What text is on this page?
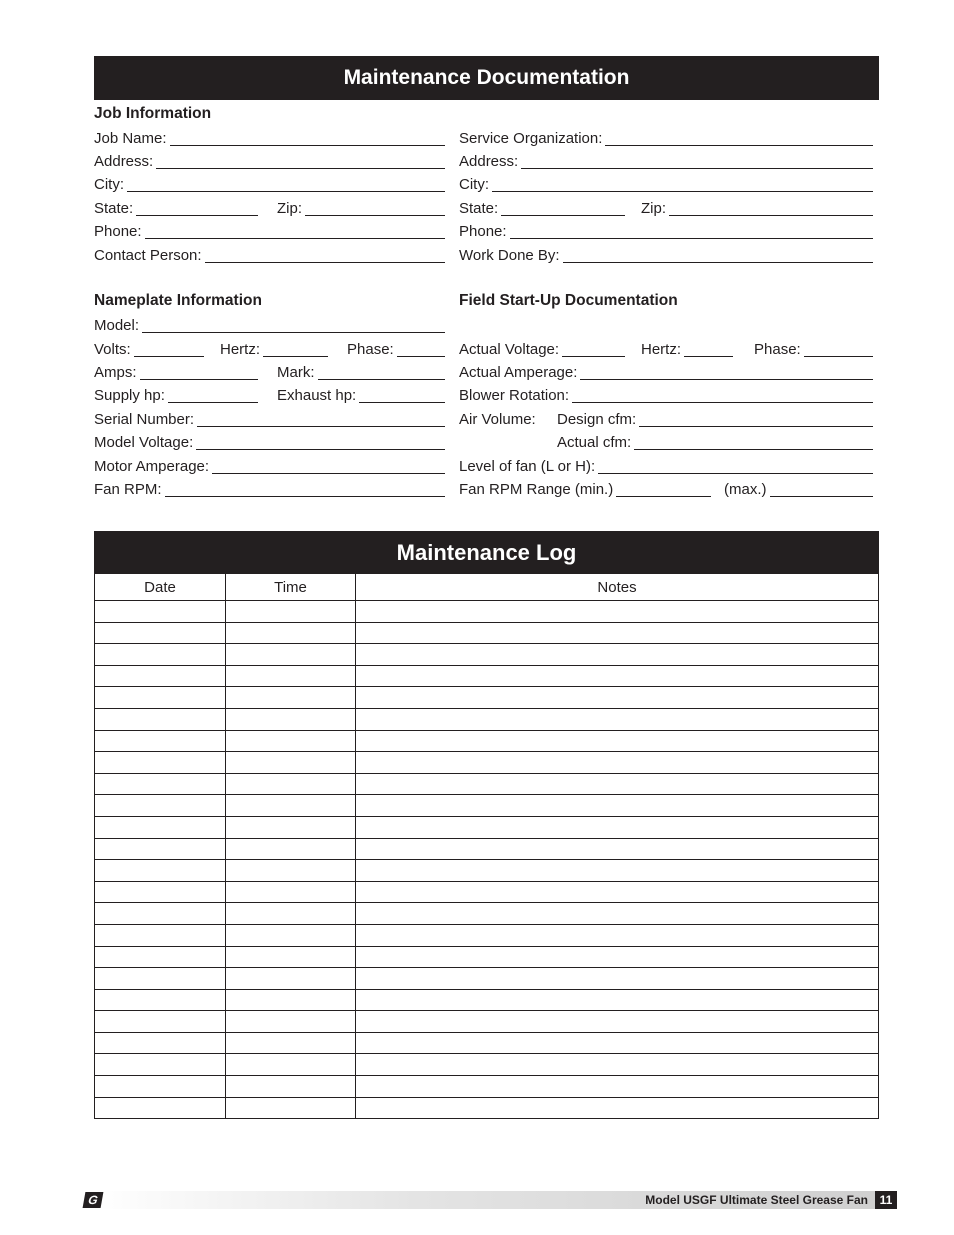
Maintenance Documentation
Job Information
Job Name:
Address:
City:
State:	Zip:
Phone:
Contact Person:
Service Organization:
Address:
City:
State:	Zip:
Phone:
Work Done By:
Nameplate Information	Field Start-Up Documentation
Model:
Volts:	Hertz:	Phase:
Amps:	Mark:
Supply hp:	Exhaust hp:
Serial Number:
Model Voltage:
Motor Amperage:
Fan RPM:
Actual Voltage:	Hertz:	Phase:
Actual Amperage:
Blower Rotation:
Air Volume:	Design cfm:
Actual cfm:
Level of fan (L or H):
Fan RPM Range (min.)	(max.)
Maintenance Log
Date	Time	Notes

G	Model USGF Ultimate Steel Grease Fan 11
